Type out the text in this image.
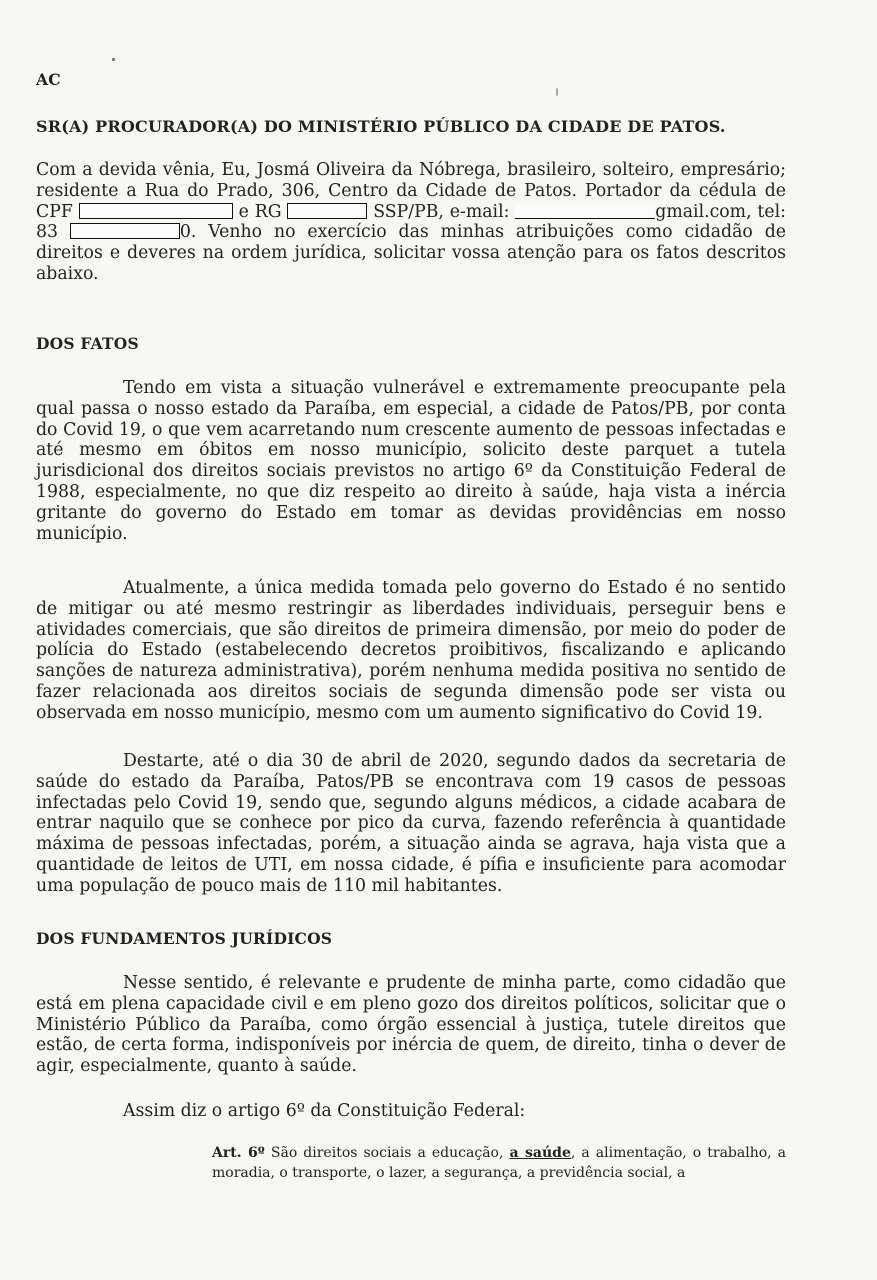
AC
SR(A) PROCURADOR(A) DO MINISTÉRIO PÚBLICO DA CIDADE DE PATOS.
Com a devida vênia, Eu, Josmá Oliveira da Nóbrega, brasileiro, solteiro, empresário; residente a Rua do Prado, 306, Centro da Cidade de Patos. Portador da cédula de CPF	e RG	SSP/PB, e-mail:	gmail.com, tel: 83	0. Venho no exercício das minhas atribuições como cidadão de direitos e deveres na ordem jurídica, solicitar vossa atenção para os fatos descritos abaixo.
DOS FATOS
Tendo em vista a situação vulnerável e extremamente preocupante pela qual passa o nosso estado da Paraíba, em especial, a cidade de Patos/PB, por conta do Covid 19, o que vem acarretando num crescente aumento de pessoas infectadas e até mesmo em óbitos em nosso município, solicito deste parquet a tutela jurisdicional dos direitos sociais previstos no artigo 6º da Constituição Federal de 1988, especialmente, no que diz respeito ao direito à saúde, haja vista a inércia gritante do governo do Estado em tomar as devidas providências em nosso município.
Atualmente, a única medida tomada pelo governo do Estado é no sentido de mitigar ou até mesmo restringir as liberdades individuais, perseguir bens e atividades comerciais, que são direitos de primeira dimensão, por meio do poder de polícia do Estado (estabelecendo decretos proibitivos, fiscalizando e aplicando sanções de natureza administrativa), porém nenhuma medida positiva no sentido de fazer relacionada aos direitos sociais de segunda dimensão pode ser vista ou observada em nosso município, mesmo com um aumento significativo do Covid 19.
Destarte, até o dia 30 de abril de 2020, segundo dados da secretaria de saúde do estado da Paraíba, Patos/PB se encontrava com 19 casos de pessoas infectadas pelo Covid 19, sendo que, segundo alguns médicos, a cidade acabara de entrar naquilo que se conhece por pico da curva, fazendo referência à quantidade máxima de pessoas infectadas, porém, a situação ainda se agrava, haja vista que a quantidade de leitos de UTI, em nossa cidade, é pífia e insuficiente para acomodar uma população de pouco mais de 110 mil habitantes.
DOS FUNDAMENTOS JURÍDICOS
Nesse sentido, é relevante e prudente de minha parte, como cidadão que está em plena capacidade civil e em pleno gozo dos direitos políticos, solicitar que o Ministério Público da Paraíba, como órgão essencial à justiça, tutele direitos que estão, de certa forma, indisponíveis por inércia de quem, de direito, tinha o dever de agir, especialmente, quanto à saúde.
Assim diz o artigo 6º da Constituição Federal:
Art. 6º São direitos sociais a educação, a saúde, a alimentação, o trabalho, a moradia, o transporte, o lazer, a segurança, a previdência social, a
